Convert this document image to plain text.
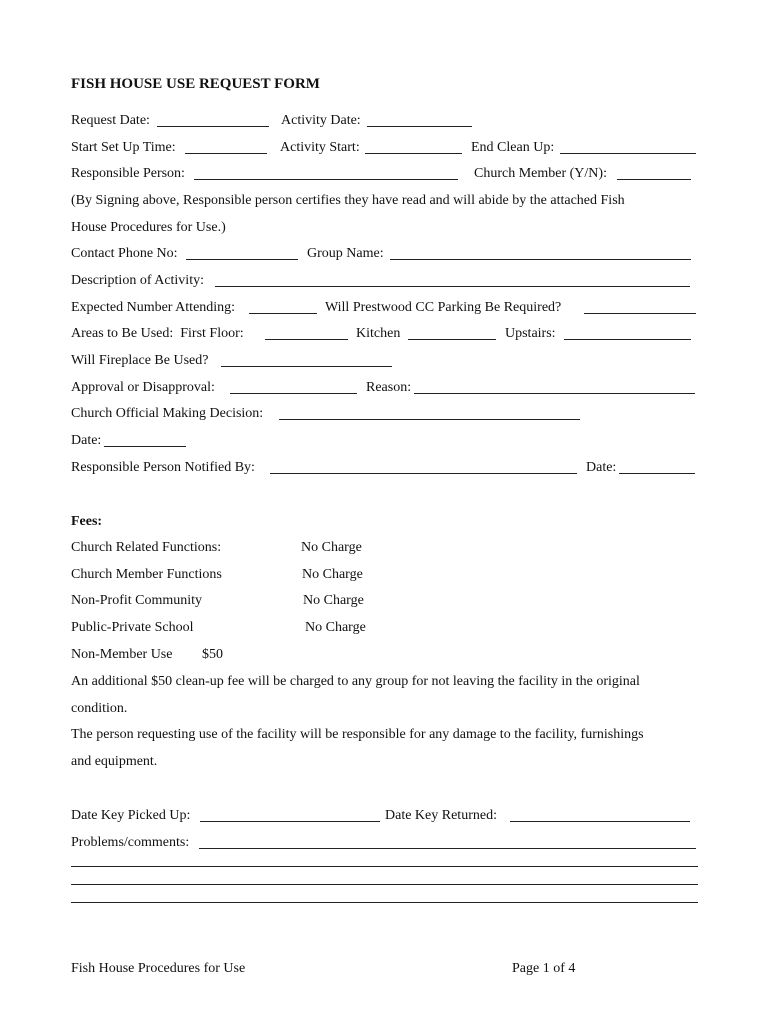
FISH HOUSE USE REQUEST FORM
Request Date:	Activity Date:
Start Set Up Time:	Activity Start:	End Clean Up:
Responsible Person:	Church Member (Y/N):
(By Signing above, Responsible person certifies they have read and will abide by the attached Fish
House Procedures for Use.)
Contact Phone No:	Group Name:
Description of Activity:
Expected Number Attending:	Will Prestwood CC Parking Be Required?
Areas to Be Used:  First Floor:	Kitchen	Upstairs:
Will Fireplace Be Used?
Approval or Disapproval:	Reason:
Church Official Making Decision:
Date:
Responsible Person Notified By:	Date:
Fees:
Church Related Functions:	No Charge
Church Member Functions	No Charge
Non-Profit Community	No Charge
Public-Private School	No Charge
Non-Member Use $50
An additional $50 clean-up fee will be charged to any group for not leaving the facility in the original
condition.
The person requesting use of the facility will be responsible for any damage to the facility, furnishings
and equipment.
Date Key Picked Up:	Date Key Returned:
Problems/comments:
Fish House Procedures for Use	Page 1 of 4
